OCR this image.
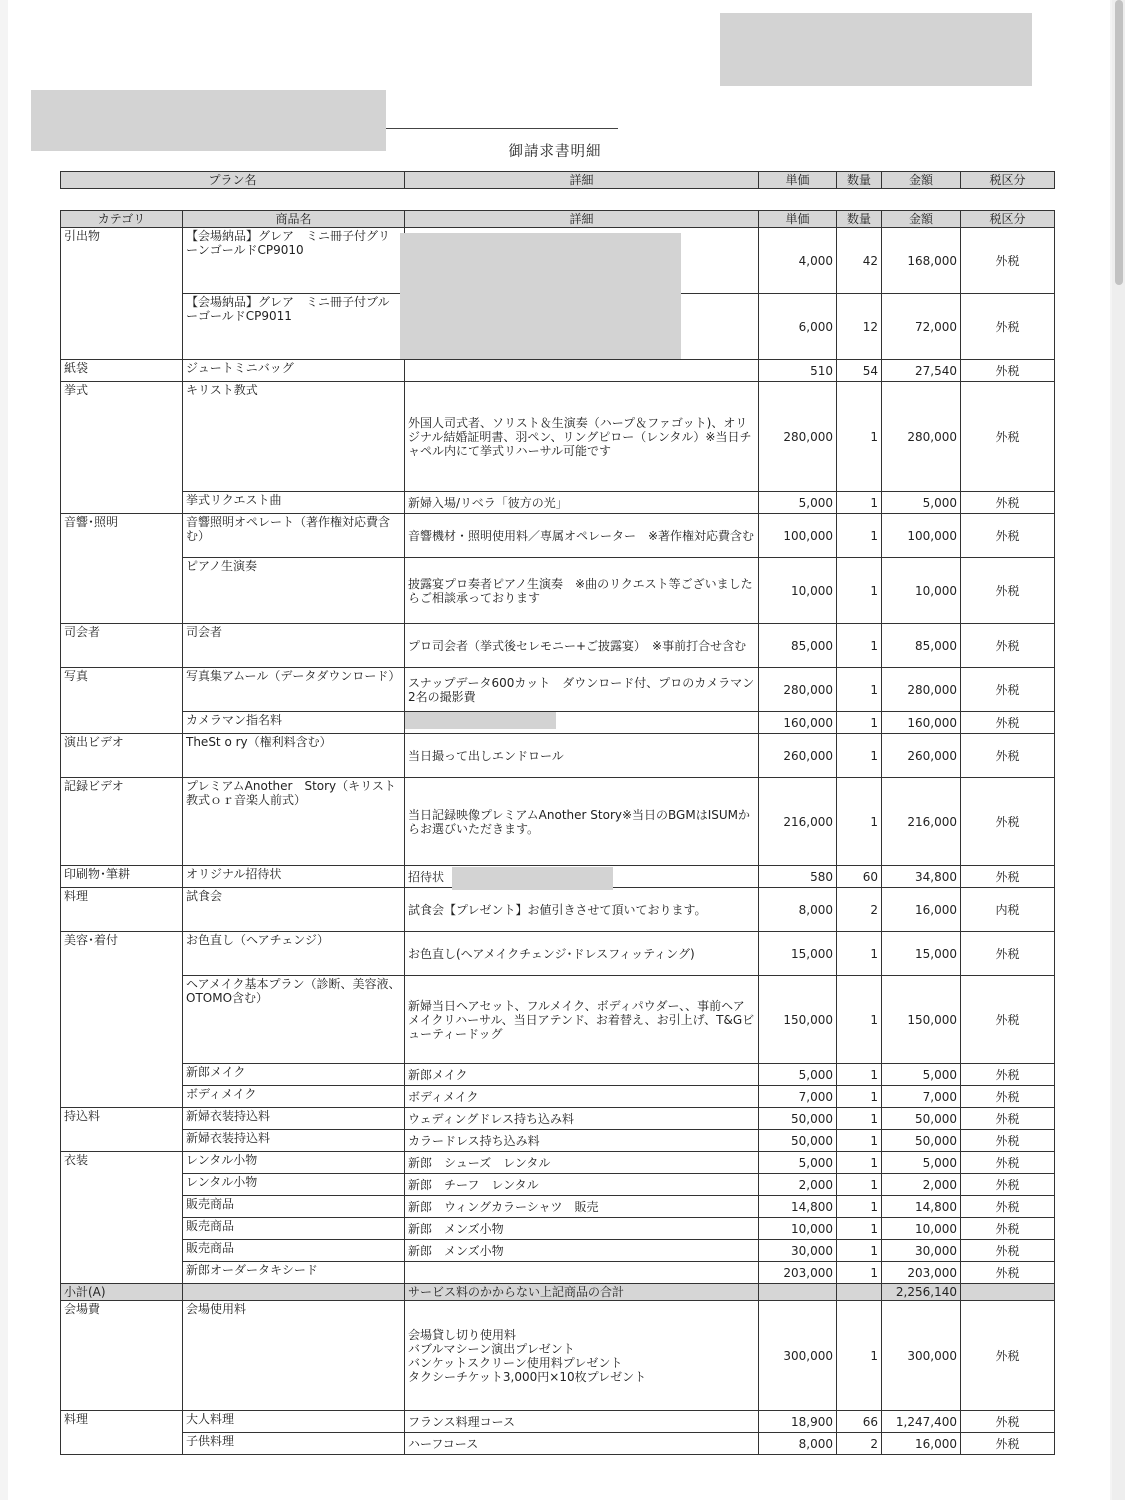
御請求書明細
プラン名	詳細	単価	数量	金額	税区分
カテゴリ	商品名	詳細	単価	数量	金額	税区分
引出物	【会場納品】グレア　ミニ冊子付グリーンゴールドCP9010		4,000	42	168,000	外税
	【会場納品】グレア　ミニ冊子付ブルーゴールドCP9011		6,000	12	72,000	外税
紙袋	ジュートミニバッグ		510	54	27,540	外税
挙式	キリスト教式	外国人司式者、ソリスト＆生演奏（ハープ＆ファゴット)、オリジナル結婚証明書、羽ペン、リングピロー（レンタル）※当日チャペル内にて挙式リハーサル可能です	280,000	1	280,000	外税
	挙式リクエスト曲	新婦入場/リベラ「彼方の光」	5,000	1	5,000	外税
音響･照明	音響照明オペレート（著作権対応費含む）	音響機材・照明使用料／専属オペレーター　※著作権対応費含む	100,000	1	100,000	外税
	ピアノ生演奏	披露宴プロ奏者ピアノ生演奏　※曲のリクエスト等ございましたらご相談承っております	10,000	1	10,000	外税
司会者	司会者	プロ司会者（挙式後セレモニー+ご披露宴）　※事前打合せ含む	85,000	1	85,000	外税
写真	写真集アムール（データダウンロード）	スナップデータ600カット　ダウンロード付、プロのカメラマン2名の撮影費	280,000	1	280,000	外税
	カメラマン指名料		160,000	1	160,000	外税
演出ビデオ	TheSt o ry（権利料含む）	当日撮って出しエンドロール	260,000	1	260,000	外税
記録ビデオ	プレミアムAnother　Story（キリスト教式ｏｒ音楽人前式）	当日記録映像プレミアムAnother Story※当日のBGMはISUMからお選びいただきます。	216,000	1	216,000	外税
印刷物･筆耕	オリジナル招待状	招待状	580	60	34,800	外税
料理	試食会	試食会【プレゼント】お値引きさせて頂いております。	8,000	2	16,000	内税
美容･着付	お色直し（ヘアチェンジ）	お色直し(ヘアメイクチェンジ･ドレスフィッティング)	15,000	1	15,000	外税
	ヘアメイク基本プラン（診断、美容液、OTOMO含む）	新婦当日ヘアセット、フルメイク、ボディパウダー、、事前ヘアメイクリハーサル、当日アテンド、お着替え、お引上げ、T&Gビューティードッグ	150,000	1	150,000	外税
	新郎メイク	新郎メイク	5,000	1	5,000	外税
	ボディメイク	ボディメイク	7,000	1	7,000	外税
持込料	新婦衣装持込料	ウェディングドレス持ち込み料	50,000	1	50,000	外税
	新婦衣装持込料	カラードレス持ち込み料	50,000	1	50,000	外税
衣装	レンタル小物	新郎　シューズ　レンタル	5,000	1	5,000	外税
	レンタル小物	新郎　チーフ　レンタル	2,000	1	2,000	外税
	販売商品	新郎　ウィングカラーシャツ　販売	14,800	1	14,800	外税
	販売商品	新郎　メンズ小物	10,000	1	10,000	外税
	販売商品	新郎　メンズ小物	30,000	1	30,000	外税
	新郎オーダータキシード		203,000	1	203,000	外税
小計(A)		サービス料のかからない上記商品の合計			2,256,140	
会場費	会場使用料	会場貸し切り使用料
バブルマシーン演出プレゼント
バンケットスクリーン使用料プレゼント
タクシーチケット3,000円×10枚プレゼント	300,000	1	300,000	外税
料理	大人料理	フランス料理コース	18,900	66	1,247,400	外税
	子供料理	ハーフコース	8,000	2	16,000	外税
